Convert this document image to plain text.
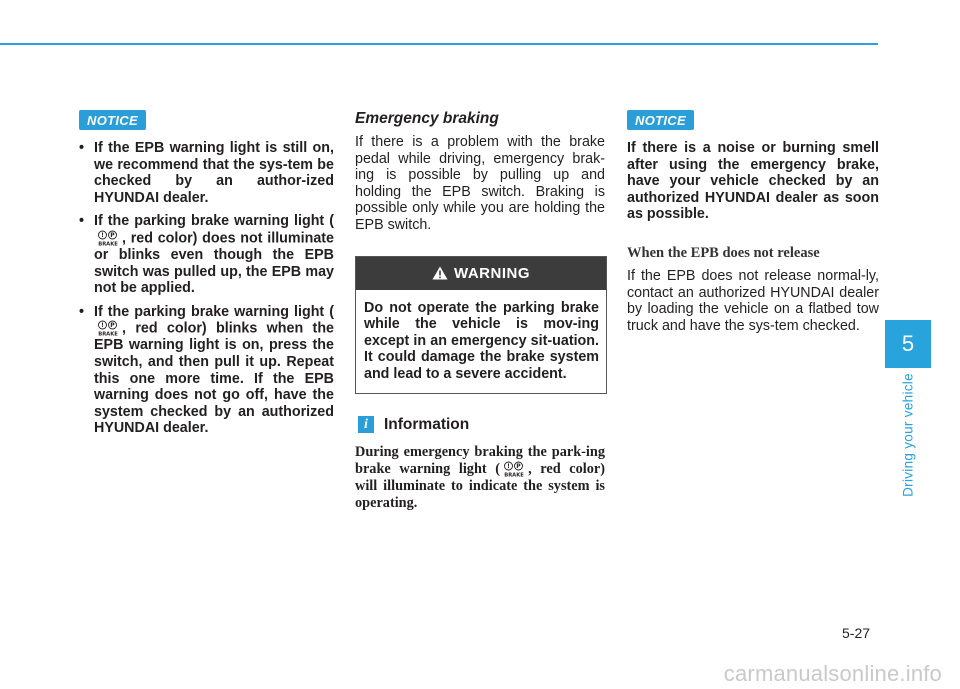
NOTICE
• If the EPB warning light is still on, we recommend that the sys-tem be checked by an author-ized HYUNDAI dealer.
• If the parking brake warning light (
! P
BRAKE , red color) does not illuminate or blinks even though the EPB switch was pulled up, the EPB may not be applied.
• If the parking brake warning light (
! P
BRAKE , red color) blinks when the EPB warning light is on, press the switch, and then pull it up. Repeat this one more time. If the EPB warning does not go off, have the system checked by an authorized HYUNDAI dealer.
Emergency braking

If there is a problem with the brake pedal while driving, emergency brak-ing is possible by pulling up and holding the EPB switch. Braking is possible only while you are holding the EPB switch.

WARNING
Do not operate the parking brake while the vehicle is mov-ing except in an emergency sit-uation. It could damage the brake system and lead to a severe accident.
i	Information

During emergency braking the park-ing brake warning light ( ! P
BRAKE , red color) will illuminate to indicate the system is operating.

NOTICE

If there is a noise or burning smell after using the emergency brake, have your vehicle checked by an authorized HYUNDAI dealer as soon as possible.

When the EPB does not release

If the EPB does not release normal-ly, contact an authorized HYUNDAI dealer by loading the vehicle on a flatbed tow truck and have the sys-tem checked.

5
Driving your vehicle
5-27
carmanualsonline.info
